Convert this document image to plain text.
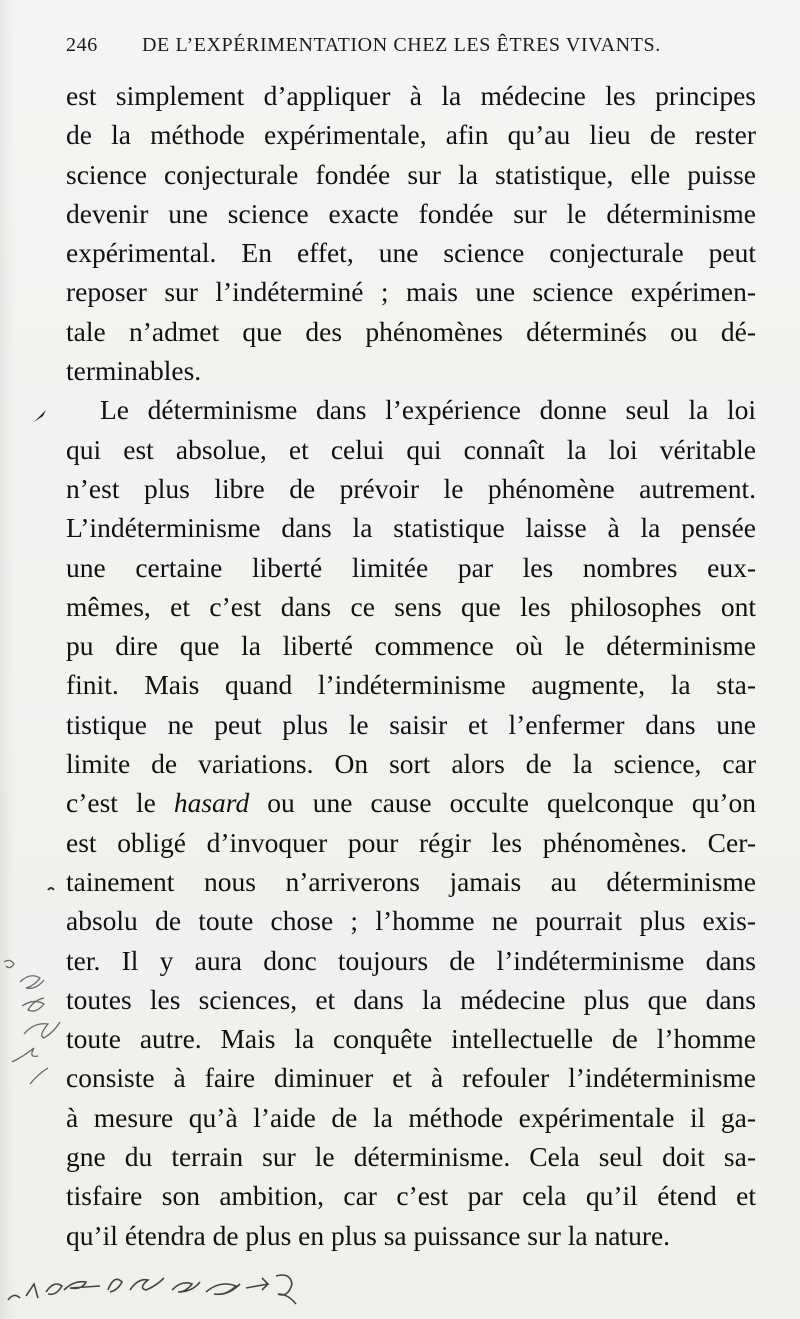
246 DE L’EXPÉRIMENTATION CHEZ LES ÊTRES VIVANTS.
est simplement d’appliquer à la médecine les principes
de la méthode expérimentale, afin qu’au lieu de rester
science conjecturale fondée sur la statistique, elle puisse
devenir une science exacte fondée sur le déterminisme
expérimental. En effet, une science conjecturale peut
reposer sur l’indéterminé ; mais une science expérimen-
tale n’admet que des phénomènes déterminés ou dé-
terminables.
Le déterminisme dans l’expérience donne seul la loi
qui est absolue, et celui qui connaît la loi véritable
n’est plus libre de prévoir le phénomène autrement.
L’indéterminisme dans la statistique laisse à la pensée
une certaine liberté limitée par les nombres eux-
mêmes, et c’est dans ce sens que les philosophes ont
pu dire que la liberté commence où le déterminisme
finit. Mais quand l’indéterminisme augmente, la sta-
tistique ne peut plus le saisir et l’enfermer dans une
limite de variations. On sort alors de la science, car
c’est le hasard ou une cause occulte quelconque qu’on
est obligé d’invoquer pour régir les phénomènes. Cer-
tainement nous n’arriverons jamais au déterminisme
absolu de toute chose ; l’homme ne pourrait plus exis-
ter. Il y aura donc toujours de l’indéterminisme dans
toutes les sciences, et dans la médecine plus que dans
toute autre. Mais la conquête intellectuelle de l’homme
consiste à faire diminuer et à refouler l’indéterminisme
à mesure qu’à l’aide de la méthode expérimentale il ga-
gne du terrain sur le déterminisme. Cela seul doit sa-
tisfaire son ambition, car c’est par cela qu’il étend et
qu’il étendra de plus en plus sa puissance sur la nature.
